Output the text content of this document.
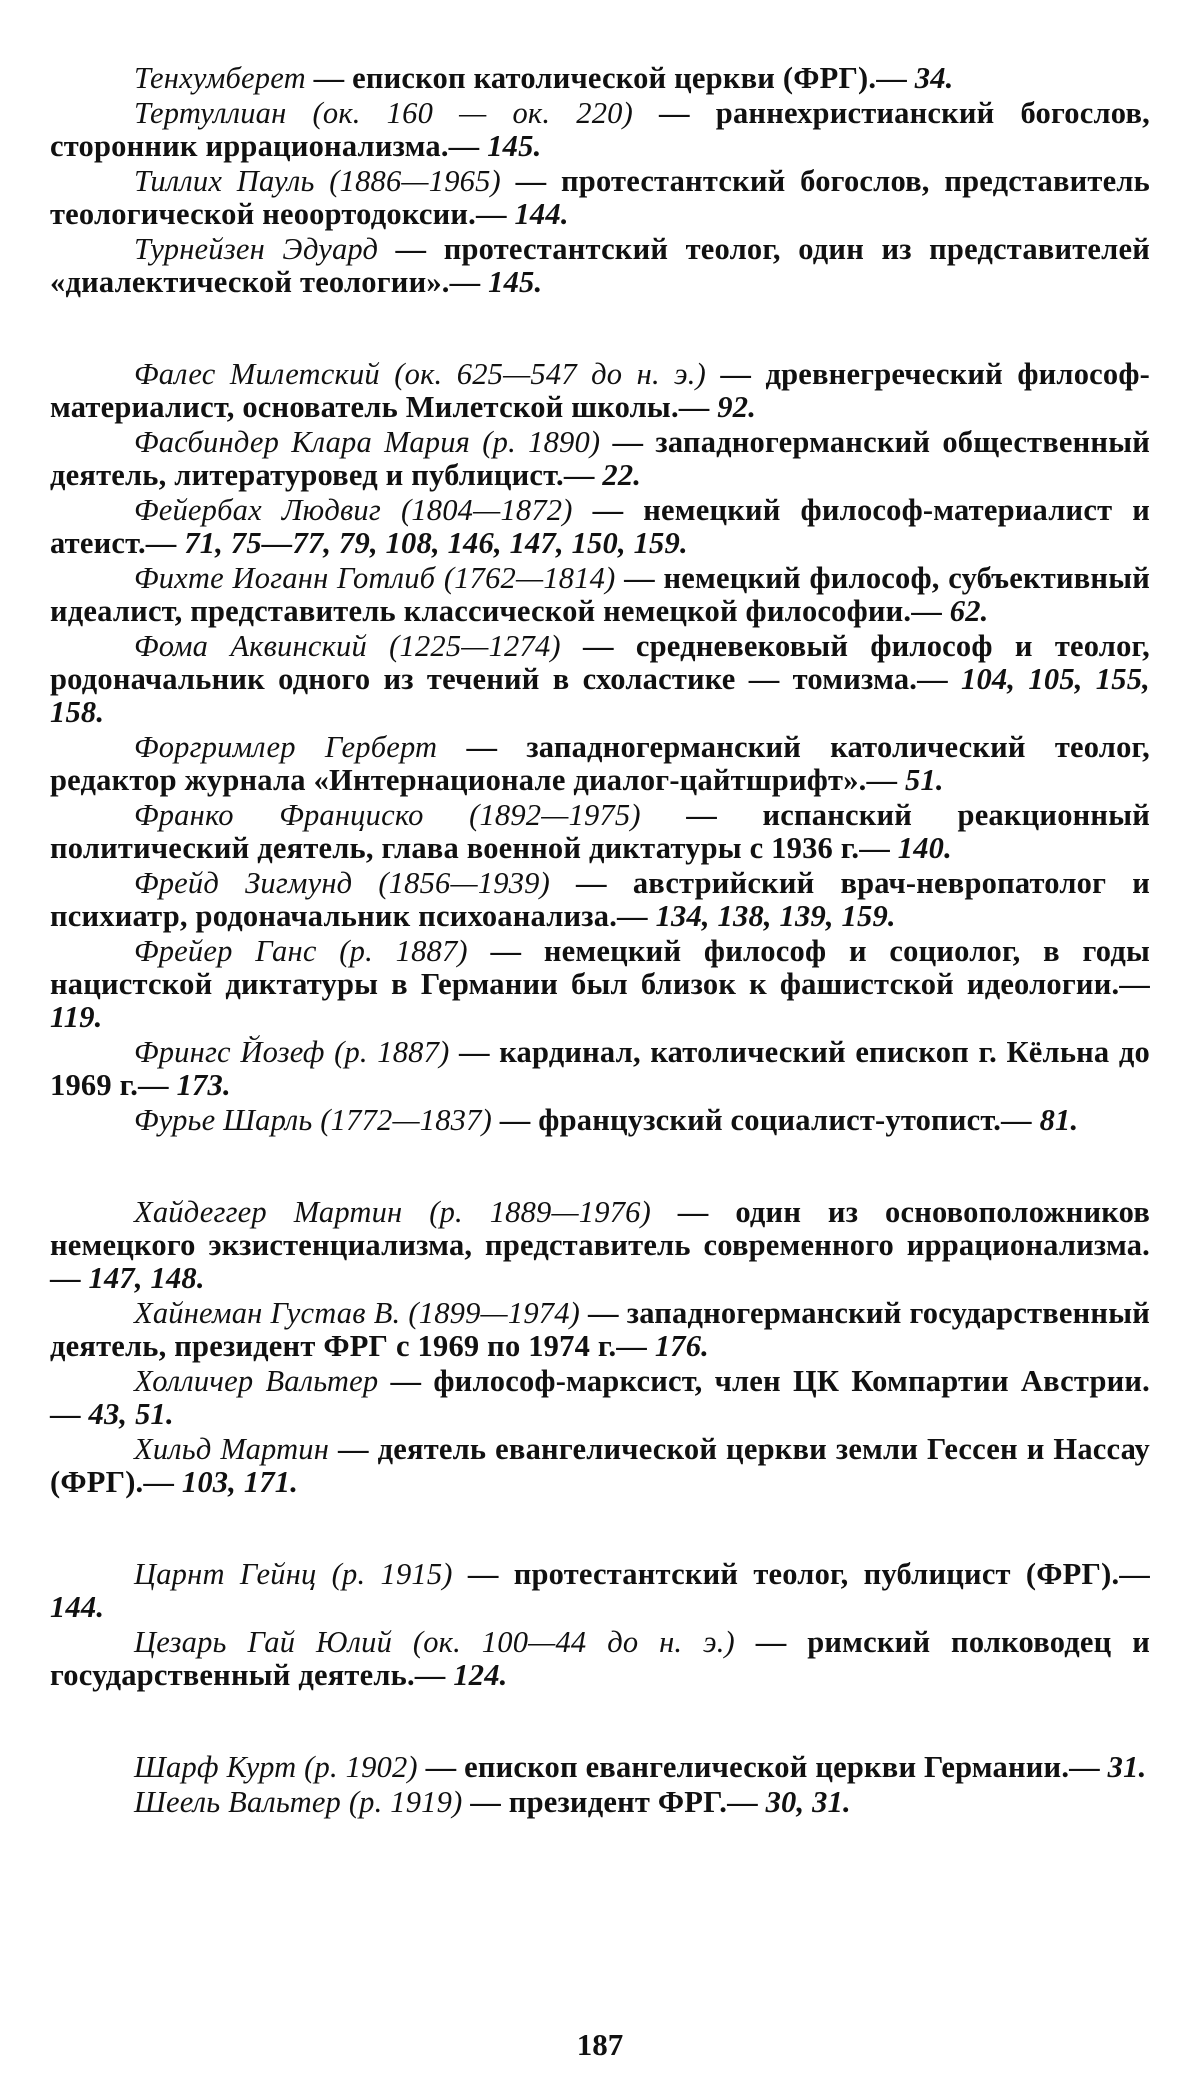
Тенхумберет — епископ католической церкви (ФРГ).— 34.

Тертуллиан (ок. 160 — ок. 220) — раннехристианский богослов, сторонник иррационализма.— 145.

Тиллих Пауль (1886—1965) — протестантский богослов, представитель теологической неоортодоксии.— 144.

Турнейзен Эдуард — протестантский теолог, один из представителей «диалектической теологии».— 145.

Фалес Милетский (ок. 625—547 до н. э.) — древнегреческий философ-материалист, основатель Милетской школы.— 92.

Фасбиндер Клара Мария (р. 1890) — западногерманский общественный деятель, литературовед и публицист.— 22.

Фейербах Людвиг (1804—1872) — немецкий философ-материалист и атеист.— 71, 75—77, 79, 108, 146, 147, 150, 159.

Фихте Иоганн Готлиб (1762—1814) — немецкий философ, субъективный идеалист, представитель классической немецкой философии.— 62.

Фома Аквинский (1225—1274) — средневековый философ и теолог, родоначальник одного из течений в схоластике — томизма.— 104, 105, 155, 158.

Форгримлер Герберт — западногерманский католический теолог, редактор журнала «Интернационале диалог-цайтшрифт».— 51.

Франко Франциско (1892—1975) — испанский реакционный политический деятель, глава военной диктатуры с 1936 г.— 140.

Фрейд Зигмунд (1856—1939) — австрийский врач-невропатолог и психиатр, родоначальник психоанализа.— 134, 138, 139, 159.

Фрейер Ганс (р. 1887) — немецкий философ и социолог, в годы нацистской диктатуры в Германии был близок к фашистской идеологии.— 119.

Фрингс Йозеф (р. 1887) — кардинал, католический епископ г. Кёльна до 1969 г.— 173.

Фурье Шарль (1772—1837) — французский социалист-утопист.— 81.

Хайдеггер Мартин (р. 1889—1976) — один из основоположников немецкого экзистенциализма, представитель современного иррационализма.— 147, 148.

Хайнеман Густав В. (1899—1974) — западногерманский государственный деятель, президент ФРГ с 1969 по 1974 г.— 176.

Холличер Вальтер — философ-марксист, член ЦК Компартии Австрии.— 43, 51.

Хильд Мартин — деятель евангелической церкви земли Гессен и Нассау (ФРГ).— 103, 171.

Царнт Гейнц (р. 1915) — протестантский теолог, публицист (ФРГ).— 144.

Цезарь Гай Юлий (ок. 100—44 до н. э.) — римский полководец и государственный деятель.— 124.

Шарф Курт (р. 1902) — епископ евангелической церкви Германии.— 31.

Шеель Вальтер (р. 1919) — президент ФРГ.— 30, 31.

187
